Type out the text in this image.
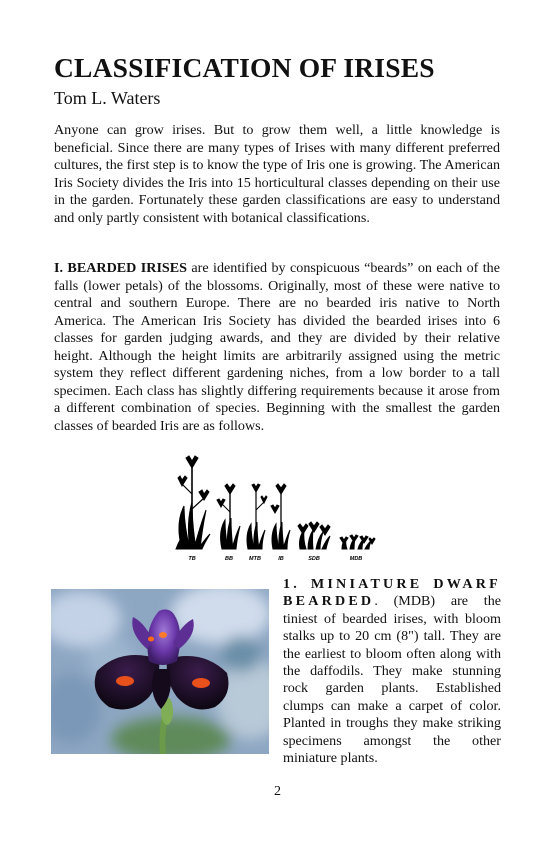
CLASSIFICATION OF IRISES
Tom L. Waters
Anyone can grow irises. But to grow them well, a little knowledge is beneficial. Since there are many types of Irises with many different preferred cultures, the first step is to know the type of Iris one is growing. The American Iris Society divides the Iris into 15 horticultural classes depending on their use in the garden. Fortunately these garden classifications are easy to understand and only partly consistent with botanical classifications.
I. BEARDED IRISES are identified by conspicuous “beards” on each of the falls (lower petals) of the blossoms. Originally, most of these were native to central and southern Europe. There are no bearded iris native to North America. The American Iris Society has divided the bearded irises into 6 classes for garden judging awards, and they are divided by their relative height. Although the height limits are arbitrarily assigned using the metric system they reflect different gardening niches, from a low border to a tall specimen. Each class has slightly differing requirements because it arose from a different combination of species. Beginning with the smallest the garden classes of bearded Iris are as follows.
TB	BB	MTB	IB	SDB	MDB
1. MINIATURE DWARF BEARDED. (MDB) are the tiniest of bearded irises, with bloom stalks up to 20 cm (8") tall. They are the earliest to bloom often along with the daffodils. They make stunning rock garden plants. Established clumps can make a carpet of color. Planted in troughs they make striking specimens amongst the other miniature plants.
2
